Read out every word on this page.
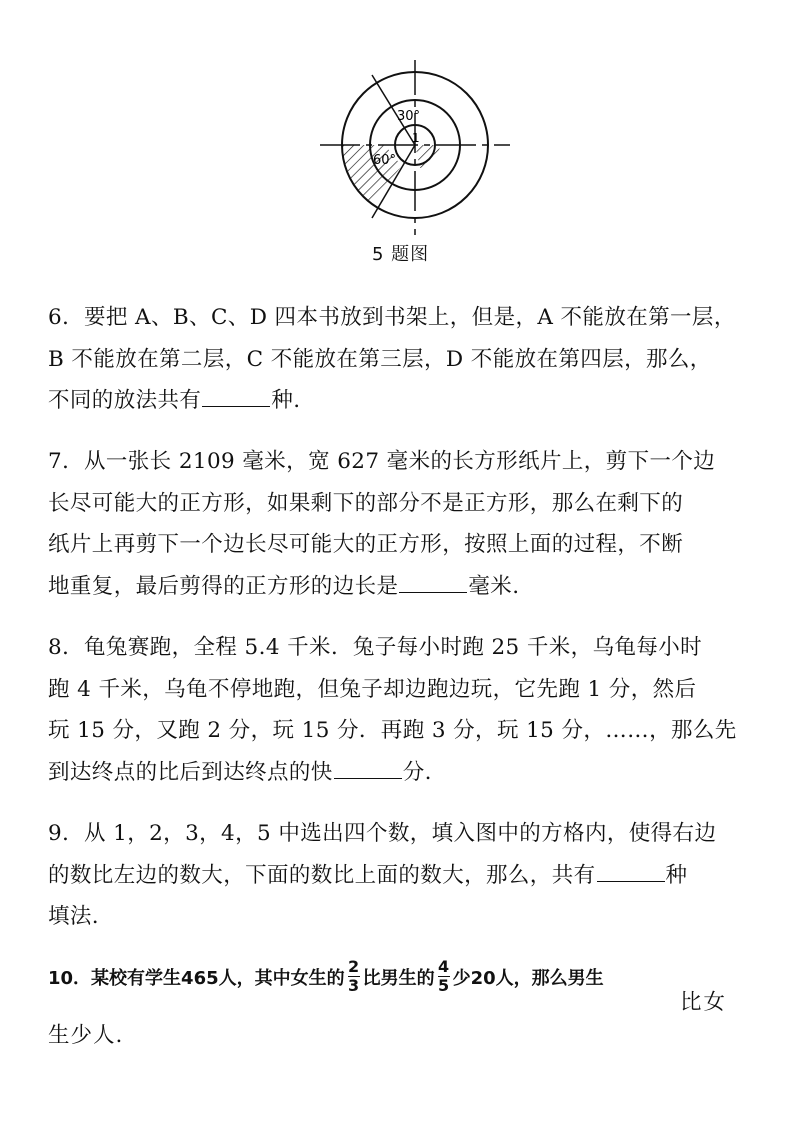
30°
1
60°
5 题图
6．要把 A、B、C、D 四本书放到书架上，但是，A 不能放在第一层，
B 不能放在第二层，C 不能放在第三层，D 不能放在第四层，那么，
不同的放法共有	种.
7．从一张长 2109 毫米，宽 627 毫米的长方形纸片上，剪下一个边
长尽可能大的正方形，如果剩下的部分不是正方形，那么在剩下的
纸片上再剪下一个边长尽可能大的正方形，按照上面的过程，不断
地重复，最后剪得的正方形的边长是	毫米.
8．龟兔赛跑，全程 5.4 千米．兔子每小时跑 25 千米，乌龟每小时
跑 4 千米，乌龟不停地跑，但兔子却边跑边玩，它先跑 1 分，然后
玩 15 分，又跑 2 分，玩 15 分．再跑 3 分，玩 15 分，……，那么先
到达终点的比后到达终点的快	分.
9．从 1，2，3，4，5 中选出四个数，填入图中的方格内，使得右边
的数比左边的数大，下面的数比上面的数大，那么，共有	种
填法.
10．某校有学生465人，其中女生的 $\frac{2}{3}$ 比男生的 $\frac{4}{5}$ 少20人，那么男生
比女
生少人.
